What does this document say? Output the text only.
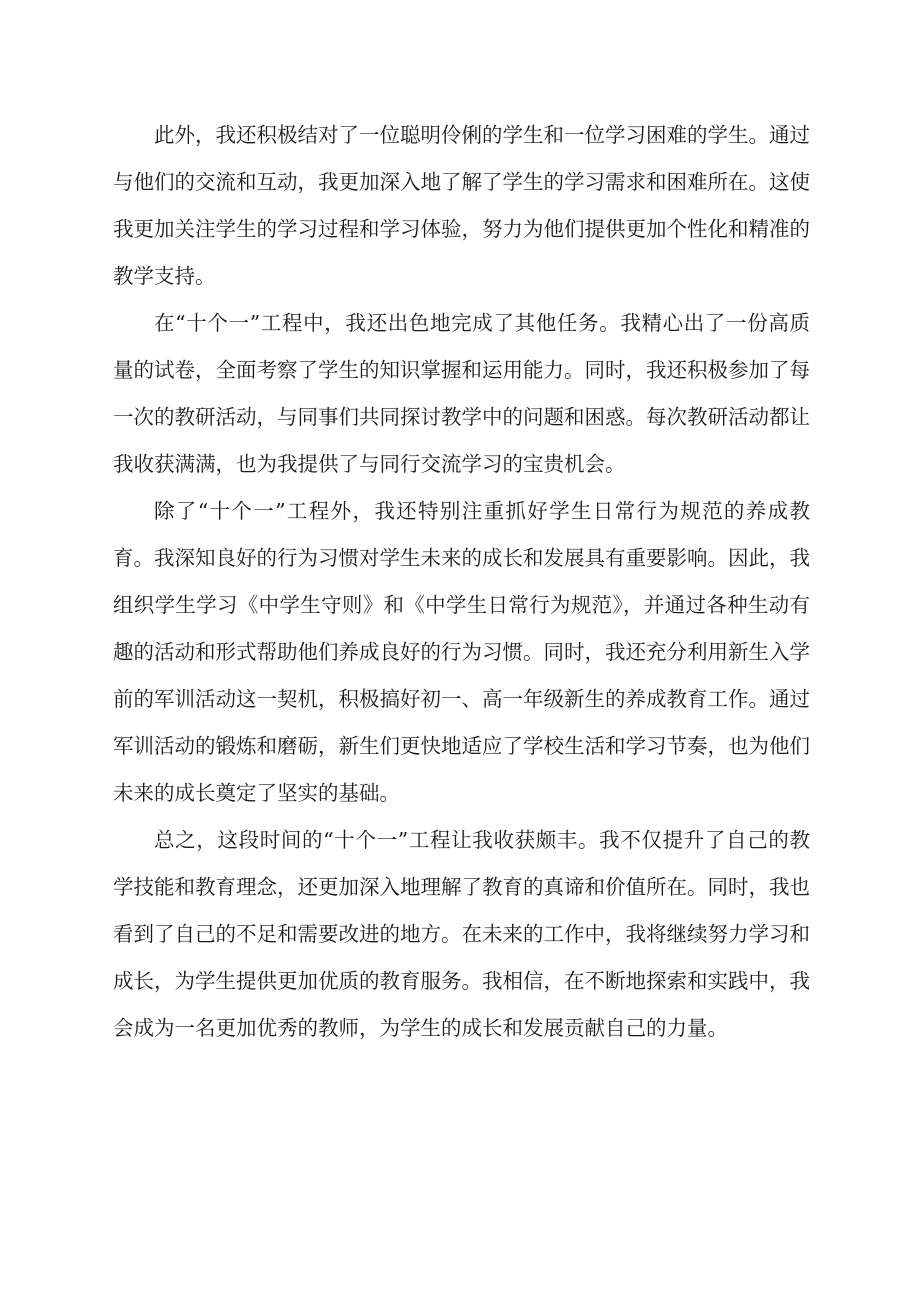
此外，我还积极结对了一位聪明伶俐的学生和一位学习困难的学生。通过与他们的交流和互动，我更加深入地了解了学生的学习需求和困难所在。这使我更加关注学生的学习过程和学习体验，努力为他们提供更加个性化和精准的教学支持。

在“十个一”工程中，我还出色地完成了其他任务。我精心出了一份高质量的试卷，全面考察了学生的知识掌握和运用能力。同时，我还积极参加了每一次的教研活动，与同事们共同探讨教学中的问题和困惑。每次教研活动都让我收获满满，也为我提供了与同行交流学习的宝贵机会。

除了“十个一”工程外，我还特别注重抓好学生日常行为规范的养成教育。我深知良好的行为习惯对学生未来的成长和发展具有重要影响。因此，我组织学生学习《中学生守则》和《中学生日常行为规范》，并通过各种生动有趣的活动和形式帮助他们养成良好的行为习惯。同时，我还充分利用新生入学前的军训活动这一契机，积极搞好初一、高一年级新生的养成教育工作。通过军训活动的锻炼和磨砺，新生们更快地适应了学校生活和学习节奏，也为他们未来的成长奠定了坚实的基础。

总之，这段时间的“十个一”工程让我收获颇丰。我不仅提升了自己的教学技能和教育理念，还更加深入地理解了教育的真谛和价值所在。同时，我也看到了自己的不足和需要改进的地方。在未来的工作中，我将继续努力学习和成长，为学生提供更加优质的教育服务。我相信，在不断地探索和实践中，我会成为一名更加优秀的教师，为学生的成长和发展贡献自己的力量。
